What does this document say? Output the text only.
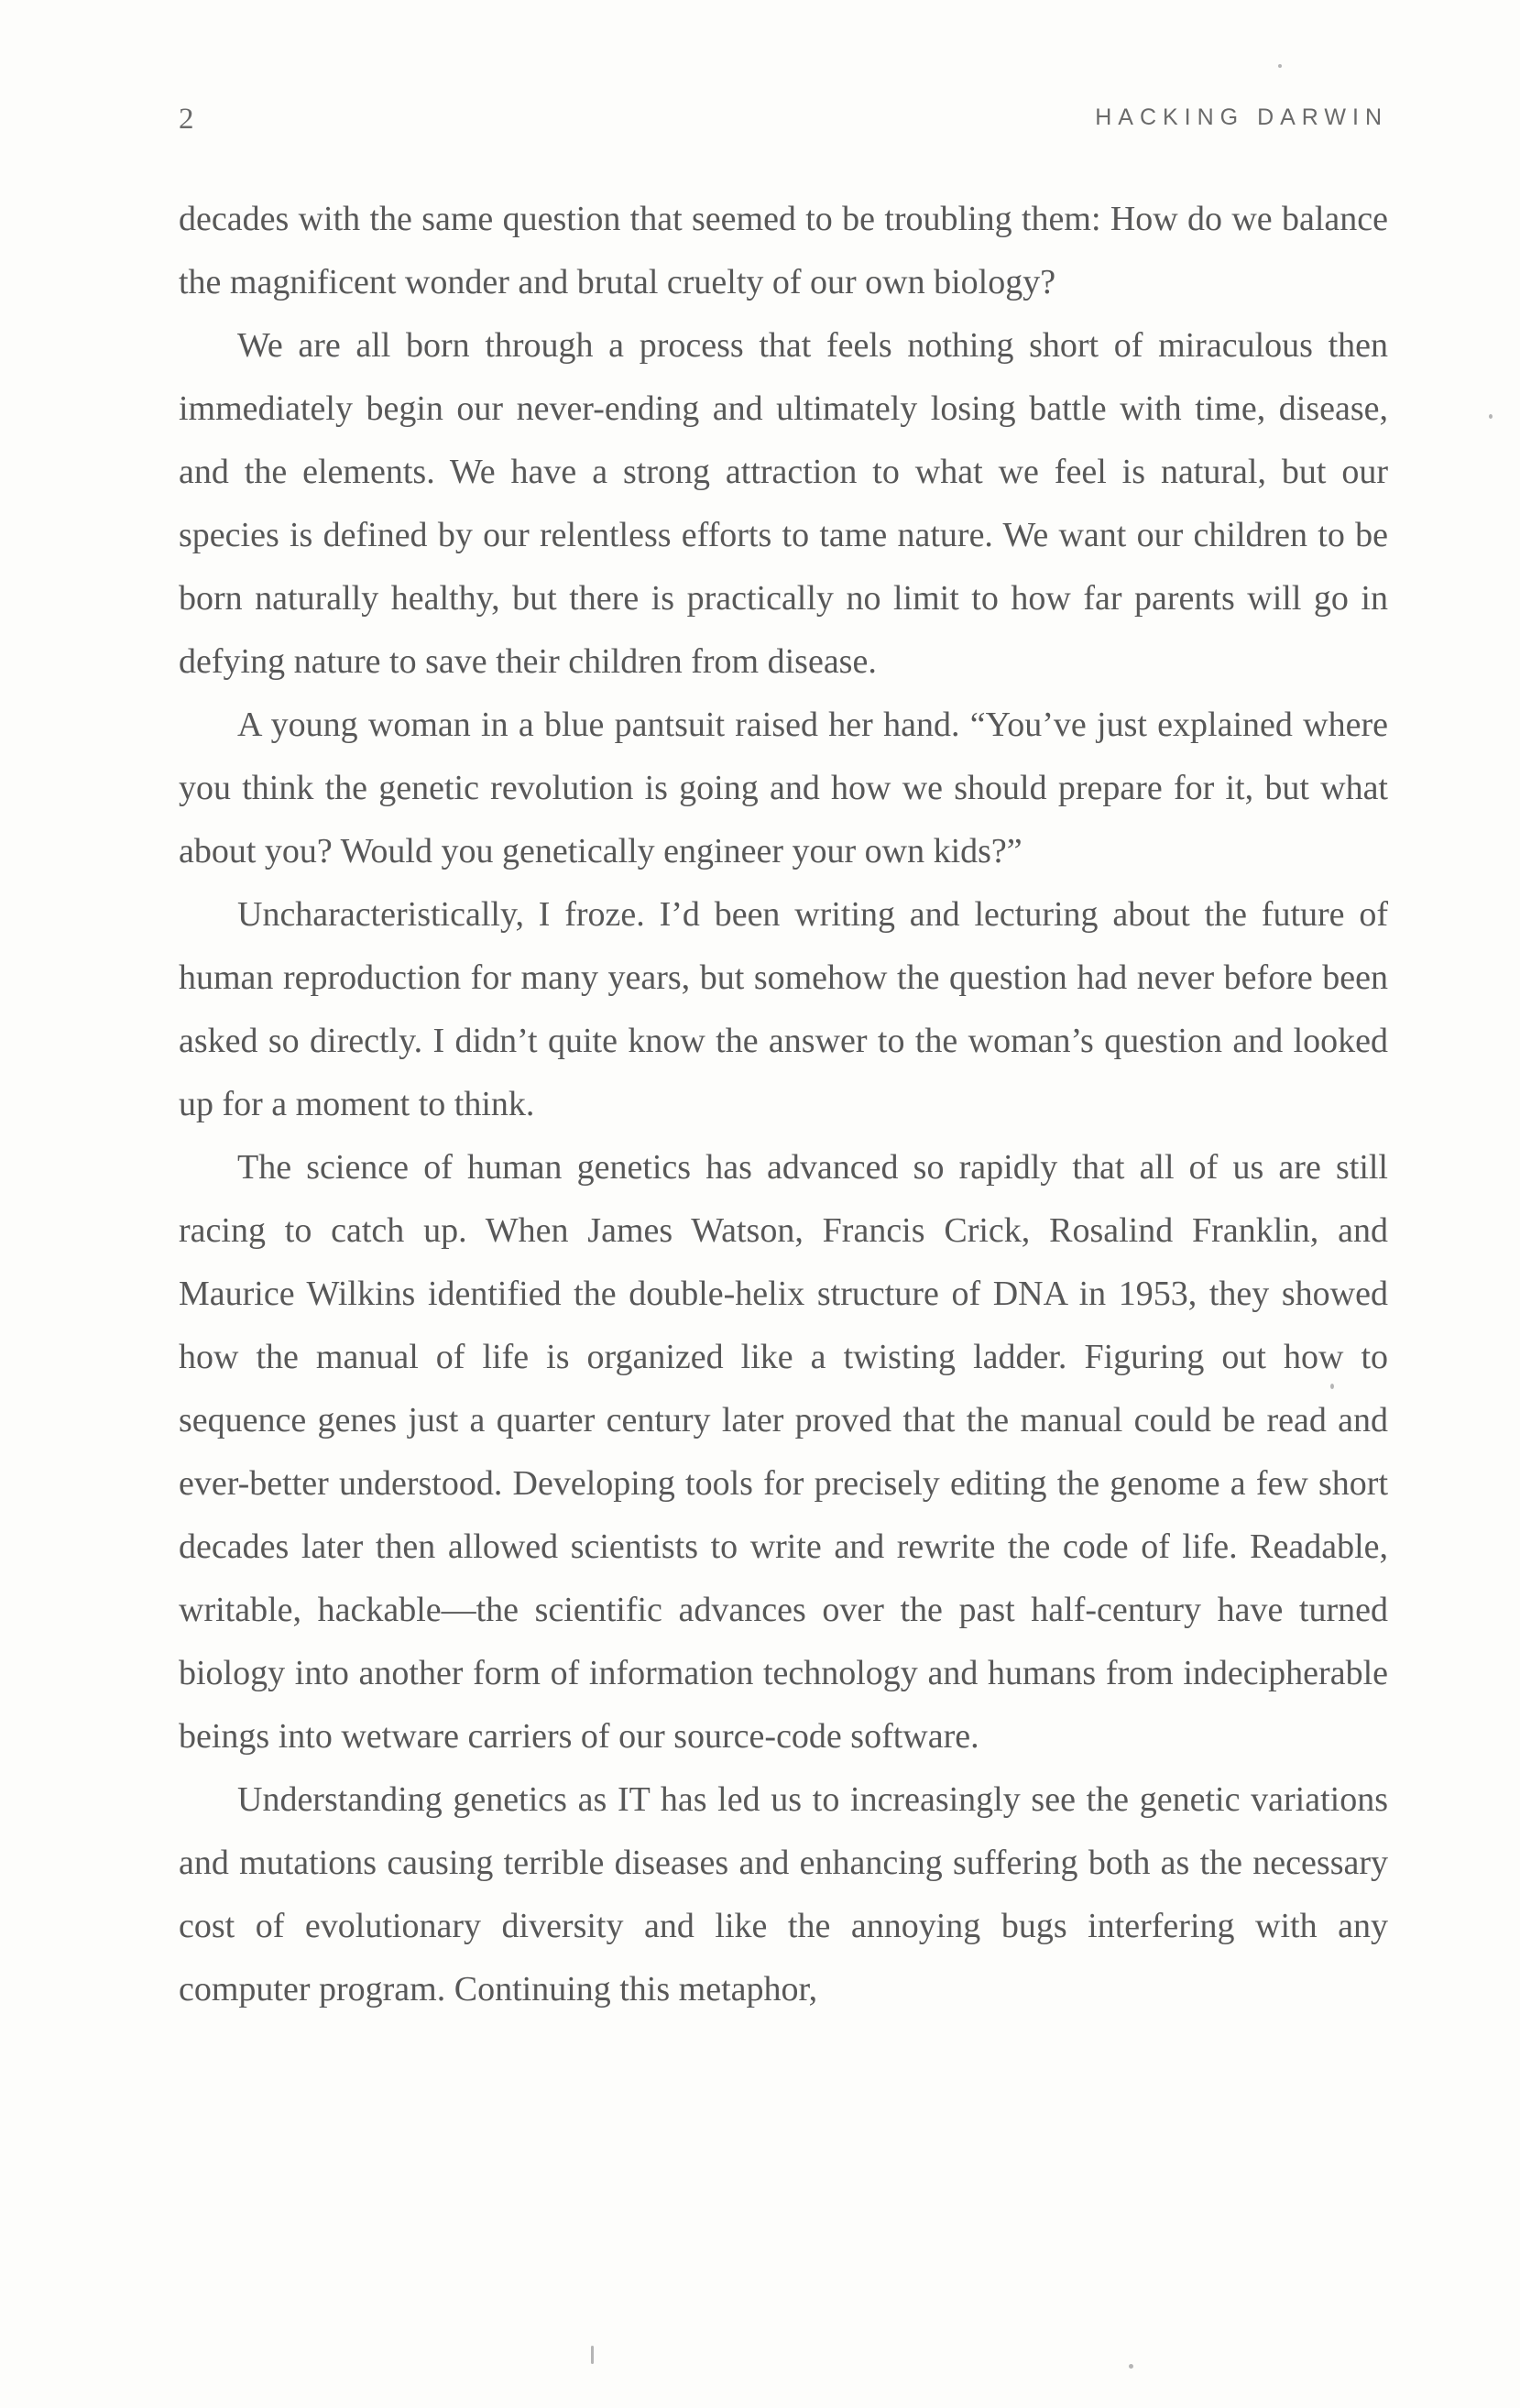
2	HACKING DARWIN

decades with the same question that seemed to be troubling them: How do we balance the magnificent wonder and brutal cruelty of our own biology?

We are all born through a process that feels nothing short of miraculous then immediately begin our never-ending and ultimately losing battle with time, disease, and the elements. We have a strong attraction to what we feel is natural, but our species is defined by our relentless efforts to tame nature. We want our children to be born naturally healthy, but there is practically no limit to how far parents will go in defying nature to save their children from disease.

A young woman in a blue pantsuit raised her hand. “You’ve just explained where you think the genetic revolution is going and how we should prepare for it, but what about you? Would you genetically engineer your own kids?”

Uncharacteristically, I froze. I’d been writing and lecturing about the future of human reproduction for many years, but somehow the question had never before been asked so directly. I didn’t quite know the answer to the woman’s question and looked up for a moment to think.

The science of human genetics has advanced so rapidly that all of us are still racing to catch up. When James Watson, Francis Crick, Rosalind Franklin, and Maurice Wilkins identified the double-helix structure of DNA in 1953, they showed how the manual of life is organized like a twisting ladder. Figuring out how to sequence genes just a quarter century later proved that the manual could be read and ever-better understood. Developing tools for precisely editing the genome a few short decades later then allowed scientists to write and rewrite the code of life. Readable, writable, hackable—the scientific advances over the past half-century have turned biology into another form of information technology and humans from indecipherable beings into wetware carriers of our source-code software.

Understanding genetics as IT has led us to increasingly see the genetic variations and mutations causing terrible diseases and enhancing suffering both as the necessary cost of evolutionary diversity and like the annoying bugs interfering with any computer program. Continuing this metaphor,
